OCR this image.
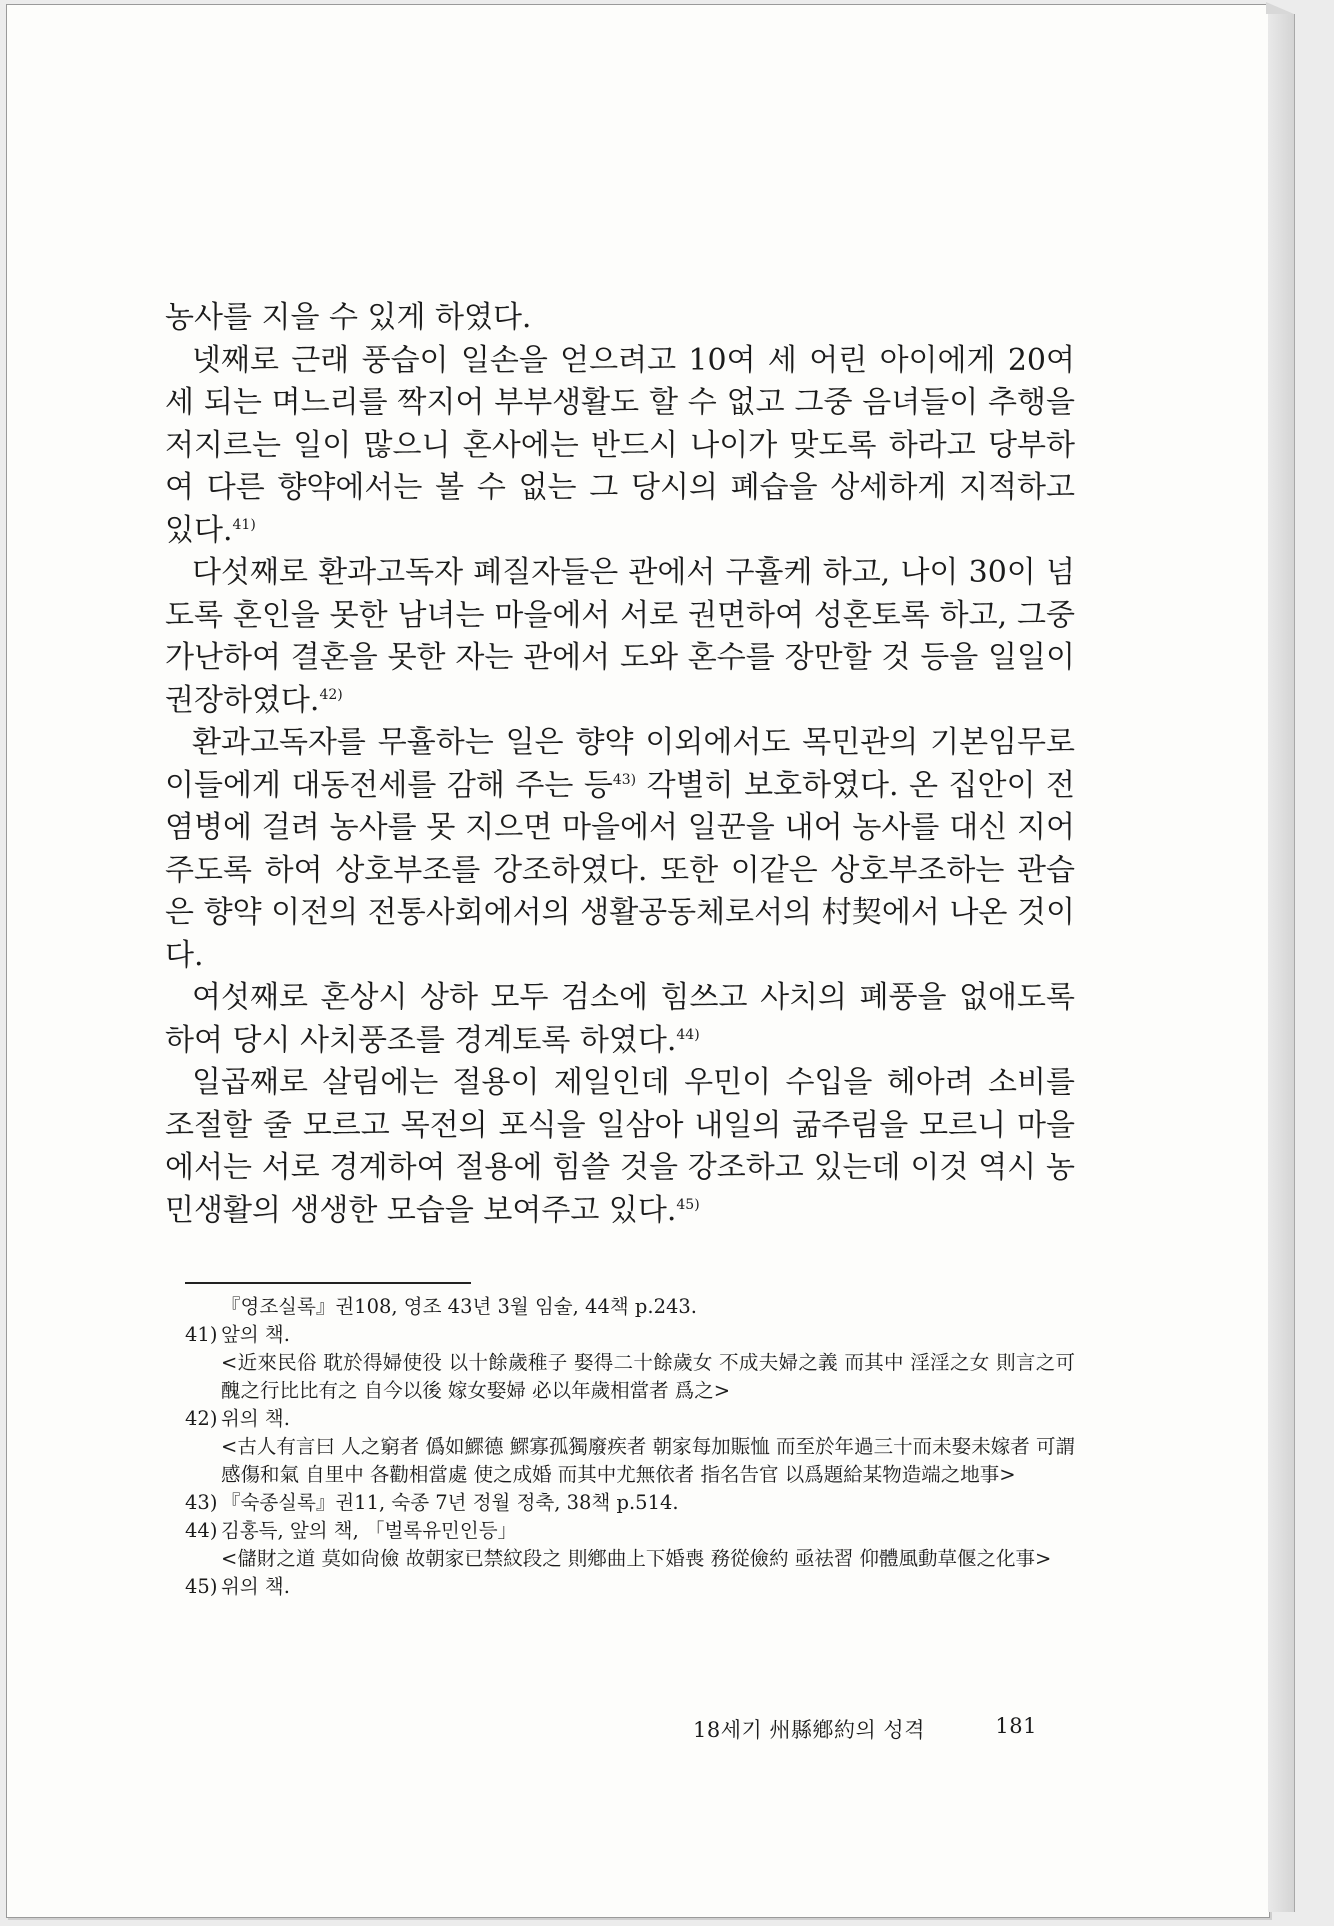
농사를 지을 수 있게 하였다.

넷째로 근래 풍습이 일손을 얻으려고 10여 세 어린 아이에게 20여 세 되는 며느리를 짝지어 부부생활도 할 수 없고 그중 음녀들이 추행을 저지르는 일이 많으니 혼사에는 반드시 나이가 맞도록 하라고 당부하여 다른 향약에서는 볼 수 없는 그 당시의 폐습을 상세하게 지적하고 있다.$^{41)}$

다섯째로 환과고독자 폐질자들은 관에서 구휼케 하고, 나이 30이 넘도록 혼인을 못한 남녀는 마을에서 서로 권면하여 성혼토록 하고, 그중 가난하여 결혼을 못한 자는 관에서 도와 혼수를 장만할 것 등을 일일이 권장하였다.$^{42)}$

환과고독자를 무휼하는 일은 향약 이외에서도 목민관의 기본임무로 이들에게 대동전세를 감해 주는 등$^{43)}$ 각별히 보호하였다. 온 집안이 전염병에 걸려 농사를 못 지으면 마을에서 일꾼을 내어 농사를 대신 지어 주도록 하여 상호부조를 강조하였다. 또한 이같은 상호부조하는 관습은 향약 이전의 전통사회에서의 생활공동체로서의 村契에서 나온 것이다.

여섯째로 혼상시 상하 모두 검소에 힘쓰고 사치의 폐풍을 없애도록 하여 당시 사치풍조를 경계토록 하였다.$^{44)}$

일곱째로 살림에는 절용이 제일인데 우민이 수입을 헤아려 소비를 조절할 줄 모르고 목전의 포식을 일삼아 내일의 굶주림을 모르니 마을에서는 서로 경계하여 절용에 힘쓸 것을 강조하고 있는데 이것 역시 농민생활의 생생한 모습을 보여주고 있다.$^{45)}$

『영조실록』권108, 영조 43년 3월 임술, 44책 p.243.

41) 앞의 책.

<近來民俗 耽於得婦使役 以十餘歲稚子 娶得二十餘歲女 不成夫婦之義 而其中 淫淫之女 則言之可醜之行比比有之 自今以後 嫁女娶婦 必以年歲相當者 爲之>

42) 위의 책.

<古人有言曰 人之窮者 僞如鰥德 鰥寡孤獨廢疾者 朝家每加賑恤 而至於年過三十而未娶未嫁者 可謂感傷和氣 自里中 各勸相當處 使之成婚 而其中尤無依者 指名告官 以爲題給某物造端之地事>

43) 『숙종실록』권11, 숙종 7년 정월 정축, 38책 p.514.
44) 김홍득, 앞의 책, 「벌록유민인등」

<儲財之道 莫如尙儉 故朝家已禁紋段之 則鄕曲上下婚喪 務從儉約 亟祛習 仰體風動草偃之化事>

45) 위의 책.
18세기 州縣鄕約의 성격	181
